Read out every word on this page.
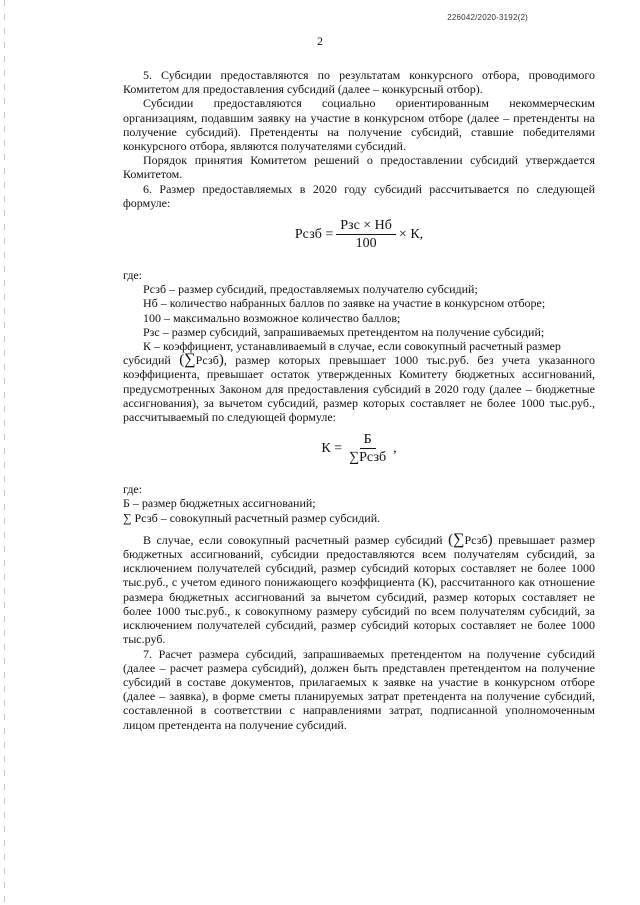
226042/2020-3192(2)
2

5. Субсидии предоставляются по результатам конкурсного отбора, проводимого Комитетом для предоставления субсидий (далее – конкурсный отбор).

Субсидии предоставляются социально ориентированным некоммерческим организациям, подавшим заявку на участие в конкурсном отборе (далее – претенденты на получение субсидий). Претенденты на получение субсидий, ставшие победителями конкурсного отбора, являются получателями субсидий.

Порядок принятия Комитетом решений о предоставлении субсидий утверждается Комитетом.

6. Размер предоставляемых в 2020 году субсидий рассчитывается по следующей формуле:

Рсзб = $\frac{\text{Рзс × Нб}}{100} \times К$,

где:

Рсзб – размер субсидий, предоставляемых получателю субсидий;

Нб – количество набранных баллов по заявке на участие в конкурсном отборе;

100 – максимально возможное количество баллов;

Рзс – размер субсидий, запрашиваемых претендентом на получение субсидий;

К – коэффициент, устанавливаемый в случае, если совокупный расчетный размер

субсидий (∑Рсзб), размер которых превышает 1000 тыс.руб. без учета указанного коэффициента, превышает остаток утвержденных Комитету бюджетных ассигнований, предусмотренных Законом для предоставления субсидий в 2020 году (далее – бюджетные ассигнования), за вычетом субсидий, размер которых составляет не более 1000 тыс.руб., рассчитываемый по следующей формуле:

$К = \frac{Б}{\text{∑Рсзб}}$ ,

где:

Б – размер бюджетных ассигнований;

∑ Рсзб – совокупный расчетный размер субсидий.

В случае, если совокупный расчетный размер субсидий (∑Рсзб) превышает размер бюджетных ассигнований, субсидии предоставляются всем получателям субсидий, за исключением получателей субсидий, размер субсидий которых составляет не более 1000 тыс.руб., с учетом единого понижающего коэффициента (К), рассчитанного как отношение размера бюджетных ассигнований за вычетом субсидий, размер которых составляет не более 1000 тыс.руб., к совокупному размеру субсидий по всем получателям субсидий, за исключением получателей субсидий, размер субсидий которых составляет не более 1000 тыс.руб.

7. Расчет размера субсидий, запрашиваемых претендентом на получение субсидий (далее – расчет размера субсидий), должен быть представлен претендентом на получение субсидий в составе документов, прилагаемых к заявке на участие в конкурсном отборе (далее – заявка), в форме сметы планируемых затрат претендента на получение субсидий, составленной в соответствии с направлениями затрат, подписанной уполномоченным лицом претендента на получение субсидий.
